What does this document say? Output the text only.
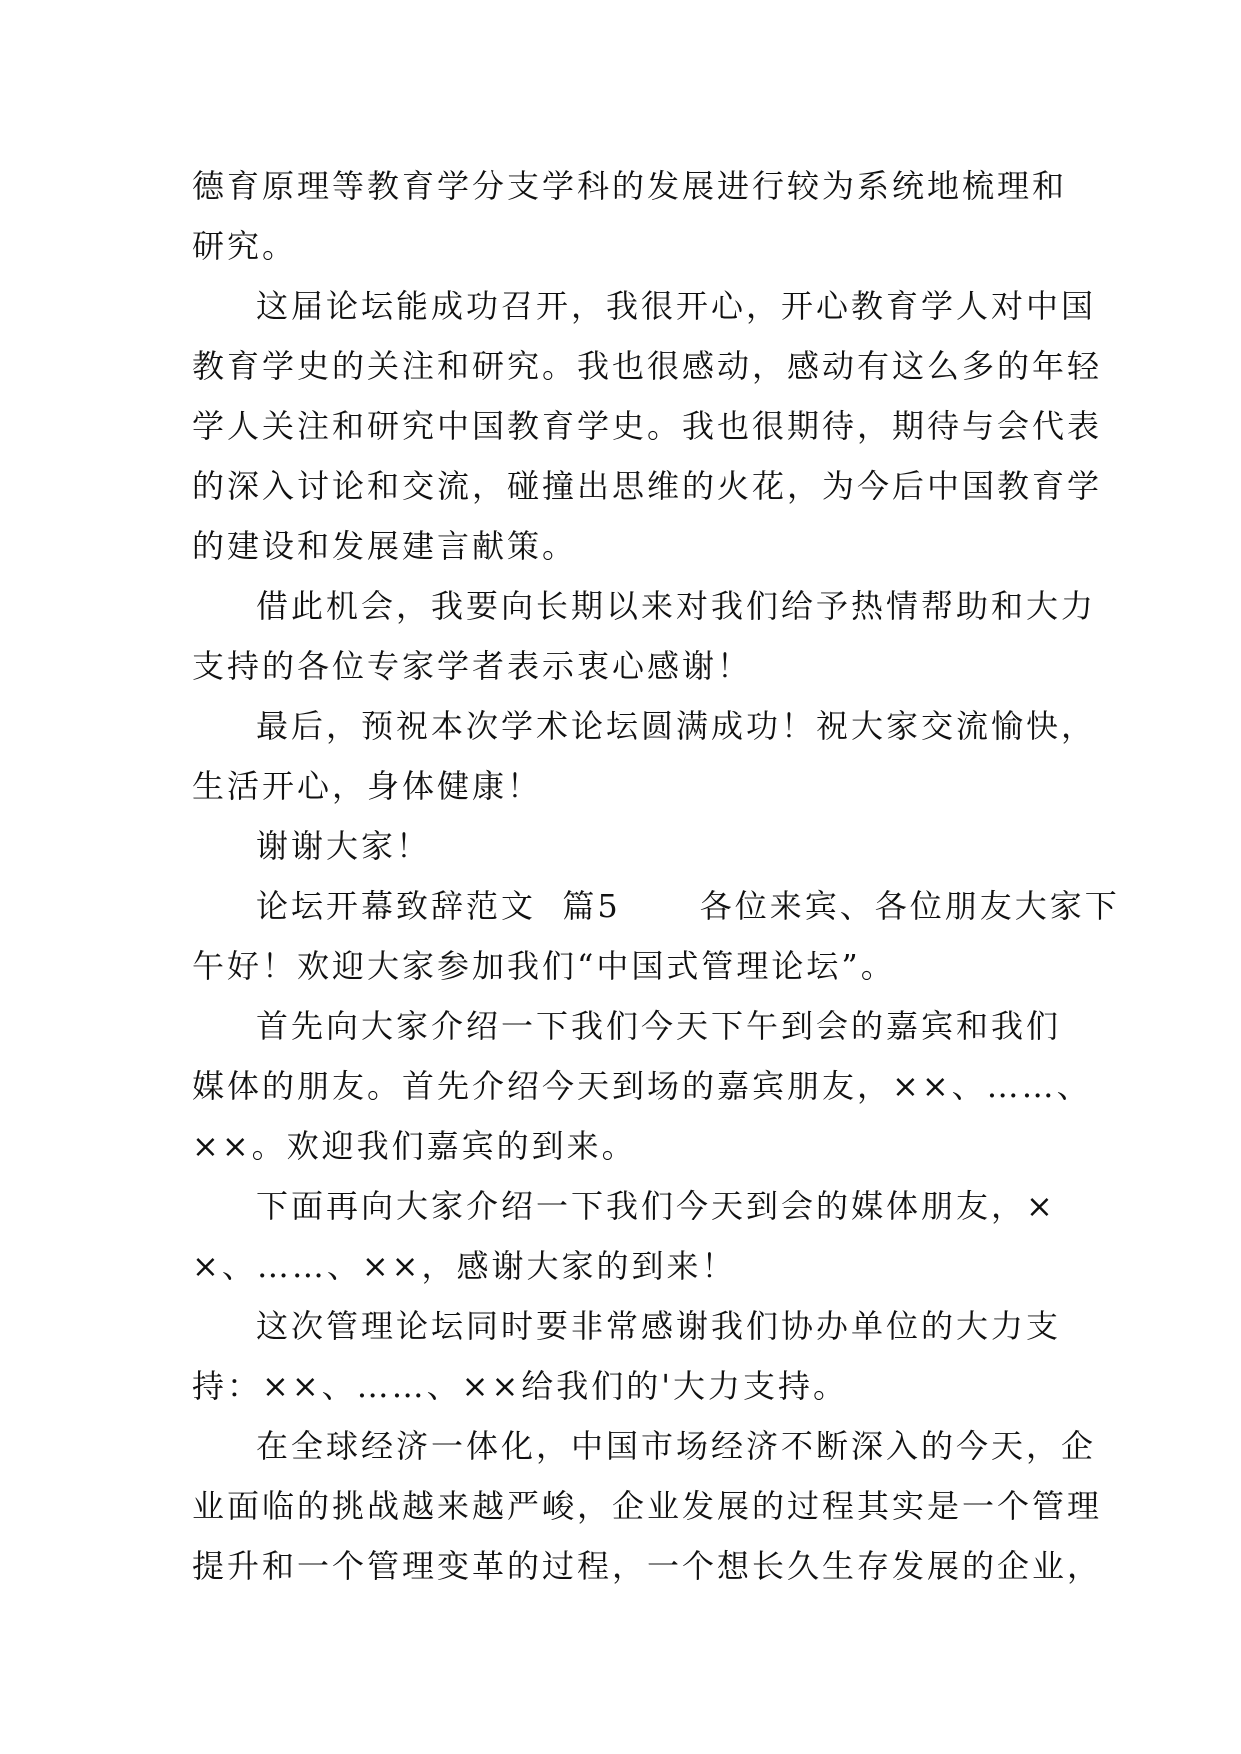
德育原理等教育学分支学科的发展进行较为系统地梳理和
研究。
这届论坛能成功召开，我很开心，开心教育学人对中国
教育学史的关注和研究。我也很感动，感动有这么多的年轻
学人关注和研究中国教育学史。我也很期待，期待与会代表
的深入讨论和交流，碰撞出思维的火花，为今后中国教育学
的建设和发展建言献策。
借此机会，我要向长期以来对我们给予热情帮助和大力
支持的各位专家学者表示衷心感谢！
最后，预祝本次学术论坛圆满成功！祝大家交流愉快，
生活开心，身体健康！
谢谢大家！
论坛开幕致辞范文  篇5      各位来宾、各位朋友大家下
午好！欢迎大家参加我们“中国式管理论坛”。
首先向大家介绍一下我们今天下午到会的嘉宾和我们
媒体的朋友。首先介绍今天到场的嘉宾朋友，××、……、
××。欢迎我们嘉宾的到来。
下面再向大家介绍一下我们今天到会的媒体朋友，×
×、……、××，感谢大家的到来！
这次管理论坛同时要非常感谢我们协办单位的大力支
持：××、……、××给我们的'大力支持。
在全球经济一体化，中国市场经济不断深入的今天，企
业面临的挑战越来越严峻，企业发展的过程其实是一个管理
提升和一个管理变革的过程，一个想长久生存发展的企业，
